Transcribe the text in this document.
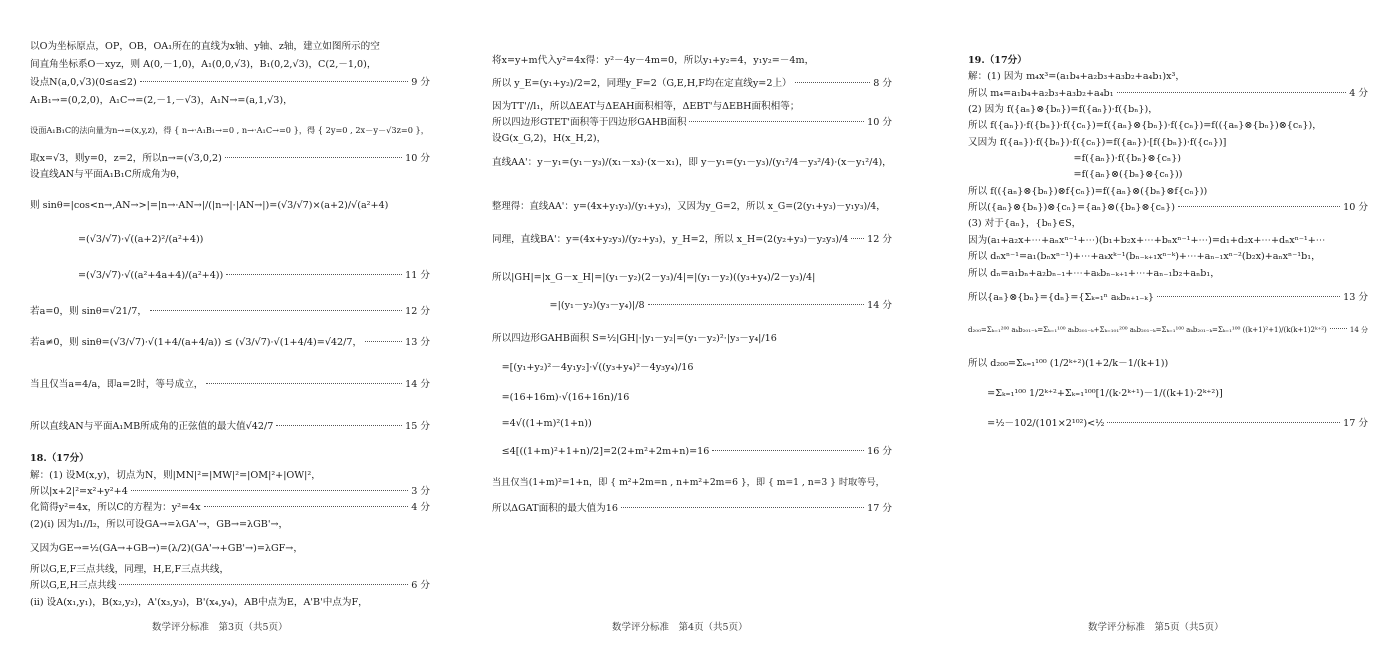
以O为坐标原点，OP，OB，OA₁所在的直线为x轴、y轴、z轴，建立如图所示的空
间直角坐标系O－xyz，则 A(0,－1,0)，A₁(0,0,√3)，B₁(0,2,√3)，C(2,－1,0)，
设点N(a,0,√3)(0≤a≤2)	9 分
A₁B₁→=(0,2,0)，A₁C→=(2,－1,－√3)，A₁N→=(a,1,√3)，
设面A₁B₁C的法向量为n→=(x,y,z)，得 { n→·A₁B₁→=0 , n→·A₁C→=0 }，得 { 2y=0 , 2x－y－√3z=0 }，
取x=√3，则y=0，z=2，所以n→=(√3,0,2)	10 分
设直线AN与平面A₁B₁C所成角为θ，
则 sinθ=|cos<n→,AN→>|=|n→·AN→|/(|n→|·|AN→|)=(√3/√7)×(a+2)/√(a²+4)
　　　　　=(√3/√7)·√((a+2)²/(a²+4))
　　　　　=(√3/√7)·√((a²+4a+4)/(a²+4))	11 分
若a=0，则 sinθ=√21/7，	12 分
若a≠0，则 sinθ=(√3/√7)·√(1+4/(a+4/a)) ≤ (√3/√7)·√(1+4/4)=√42/7，	13 分
当且仅当a=4/a，即a=2时，等号成立，	14 分
所以直线AN与平面A₁MB所成角的正弦值的最大值√42/7	15 分
18.（17分）
解：(1) 设M(x,y)，切点为N，则|MN|²=|MW|²=|OM|²+|OW|²，
所以|x+2|²=x²+y²+4	3 分
化简得y²=4x，所以C的方程为：y²=4x	4 分
(2)(i) 因为l₁//l₂，所以可设GA→=λGA'→，GB→=λGB'→，
又因为GE→=½(GA→+GB→)=(λ/2)(GA'→+GB'→)=λGF→，
所以G,E,F三点共线，同理，H,E,F三点共线，
所以G,E,H三点共线	6 分
(ii) 设A(x₁,y₁)，B(x₂,y₂)，A'(x₃,y₃)，B'(x₄,y₄)，AB中点为E，A'B'中点为F，
数学评分标准　第3页（共5页）
将x=y+m代入y²=4x得：y²－4y－4m=0，所以y₁+y₂=4，y₁y₂=－4m，
所以 y_E=(y₁+y₂)/2=2，同理y_F=2（G,E,H,F均在定直线y=2上）	8 分
因为TT'//l₁，所以ΔEAT与ΔEAH面积相等，ΔEBT'与ΔEBH面积相等；
所以四边形GTET'面积等于四边形GAHB面积	10 分
设G(x_G,2)，H(x_H,2)，
直线AA'：y－y₁=(y₁－y₃)/(x₁－x₃)·(x－x₁)，即 y－y₁=(y₁－y₃)/(y₁²/4－y₃²/4)·(x－y₁²/4)，
整理得：直线AA'：y=(4x+y₁y₃)/(y₁+y₃)，又因为y_G=2，所以 x_G=(2(y₁+y₃)－y₁y₃)/4，
同理，直线BA'：y=(4x+y₂y₃)/(y₂+y₃)，y_H=2，所以 x_H=(2(y₂+y₃)－y₂y₃)/4 12 分
所以|GH|=|x_G－x_H|=|(y₁－y₂)(2－y₃)/4|=|(y₁－y₂)((y₃+y₄)/2－y₃)/4|
　　　　　　=|(y₁－y₂)(y₃－y₄)|/8	14 分
所以四边形GAHB面积 S=½|GH|·|y₁－y₂|=(y₁－y₂)²·|y₃－y₄|/16
　=[(y₁+y₂)²－4y₁y₂]·√((y₃+y₄)²－4y₃y₄)/16
　=(16+16m)·√(16+16n)/16
　=4√((1+m)²(1+n))
　≤4[((1+m)²+1+n)/2]=2(2+m²+2m+n)=16	16 分
当且仅当(1+m)²=1+n，即 { m²+2m=n , n+m²+2m=6 }，即 { m=1 , n=3 } 时取等号，
所以ΔGAT面积的最大值为16	17 分
数学评分标准　第4页（共5页）
19.（17分）
解：(1) 因为 m₄x³=(a₁b₄+a₂b₃+a₃b₂+a₄b₁)x³，
所以 m₄=a₁b₄+a₂b₃+a₃b₂+a₄b₁	4 分
(2) 因为 f({aₙ}⊗{bₙ})=f({aₙ})·f({bₙ})，
所以 f({aₙ})·f({bₙ})·f({cₙ})=f({aₙ}⊗{bₙ})·f({cₙ})=f(({aₙ}⊗{bₙ})⊗{cₙ})，
又因为 f({aₙ})·f({bₙ})·f({cₙ})=f({aₙ})·[f({bₙ})·f({cₙ})]
　　　　　　　　　　　=f({aₙ})·f({bₙ}⊗{cₙ})
　　　　　　　　　　　=f({aₙ}⊗({bₙ}⊗{cₙ}))
所以 f(({aₙ}⊗{bₙ})⊗f{cₙ})=f({aₙ}⊗({bₙ}⊗f{cₙ}))
所以({aₙ}⊗{bₙ})⊗{cₙ}={aₙ}⊗({bₙ}⊗{cₙ})	10 分
(3) 对于{aₙ}，{bₙ}∈S，
因为(a₁+a₂x+⋯+aₙxⁿ⁻¹+⋯)(b₁+b₂x+⋯+bₙxⁿ⁻¹+⋯)=d₁+d₂x+⋯+dₙxⁿ⁻¹+⋯
所以 dₙxⁿ⁻¹=a₁(bₙxⁿ⁻¹)+⋯+aₖxᵏ⁻¹(bₙ₋ₖ₊₁xⁿ⁻ᵏ)+⋯+aₙ₋₁xⁿ⁻²(b₂x)+aₙxⁿ⁻¹b₁，
所以 dₙ=a₁bₙ+a₂bₙ₋₁+⋯+aₖbₙ₋ₖ₊₁+⋯+aₙ₋₁b₂+aₙb₁，
所以{aₙ}⊗{bₙ}={dₙ}={Σₖ₌₁ⁿ aₖbₙ₊₁₋ₖ}	13 分
d₂₀₀=Σₖ₌₁²⁰⁰ aₖb₂₀₁₋ₖ=Σₖ₌₁¹⁰⁰ aₖb₂₀₁₋ₖ+Σₖ₌₁₀₁²⁰⁰ aₖb₂₀₁₋ₖ=Σₖ₌₁¹⁰⁰ aₖb₂₀₁₋ₖ=Σₖ₌₁¹⁰⁰ ((k+1)²+1)/(k(k+1)2ᵏ⁺²)	14 分
所以 d₂₀₀=Σₖ₌₁¹⁰⁰ (1/2ᵏ⁺²)(1+2/k－1/(k+1))
　　=Σₖ₌₁¹⁰⁰ 1/2ᵏ⁺²+Σₖ₌₁¹⁰⁰[1/(k·2ᵏ⁺¹)－1/((k+1)·2ᵏ⁺²)]
　　=½－102/(101×2¹⁰²)<½	17 分
数学评分标准　第5页（共5页）
